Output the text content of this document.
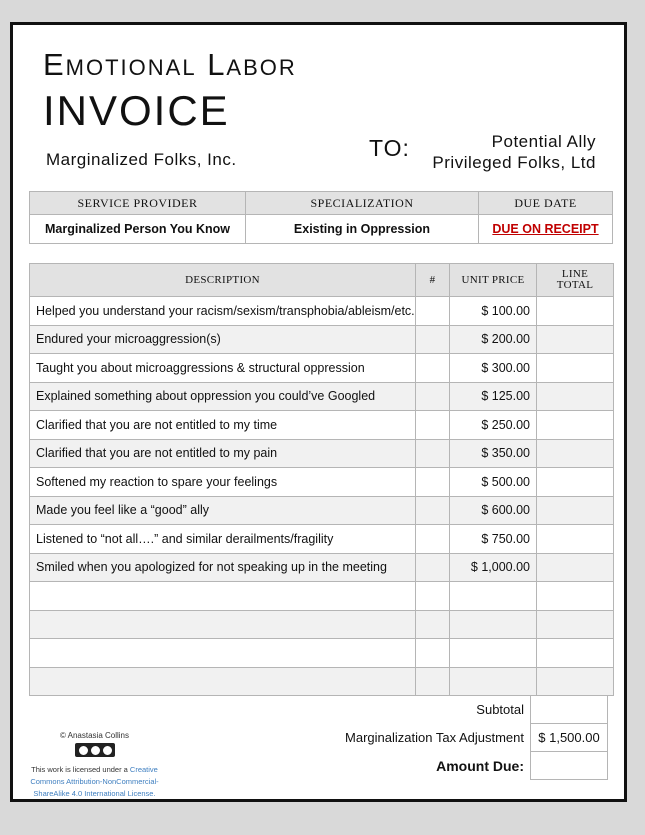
Emotional Labor
INVOICE
Marginalized Folks, Inc.	TO:	Potential Ally
Privileged Folks, Ltd
SERVICE PROVIDER	SPECIALIZATION	DUE DATE
Marginalized Person You Know	Existing in Oppression	DUE ON RECEIPT
DESCRIPTION	#	UNIT PRICE	LINE
TOTAL
Helped you understand your racism/sexism/transphobia/ableism/etc.		$ 100.00	
Endured your microaggression(s)		$ 200.00	
Taught you about microaggressions & structural oppression		$ 300.00	
Explained something about oppression you could’ve Googled		$ 125.00	
Clarified that you are not entitled to my time		$ 250.00	
Clarified that you are not entitled to my pain		$ 350.00	
Softened my reaction to spare your feelings		$ 500.00	
Made you feel like a “good” ally		$ 600.00	
Listened to “not all….” and similar derailments/fragility		$ 750.00	
Smiled when you apologized for not speaking up in the meeting		$ 1,000.00	

Subtotal	
Marginalization Tax Adjustment	$ 1,500.00
Amount Due:	
© Anastasia Collins
This work is licensed under a Creative Commons Attribution-NonCommercial-ShareAlike 4.0 International License.
